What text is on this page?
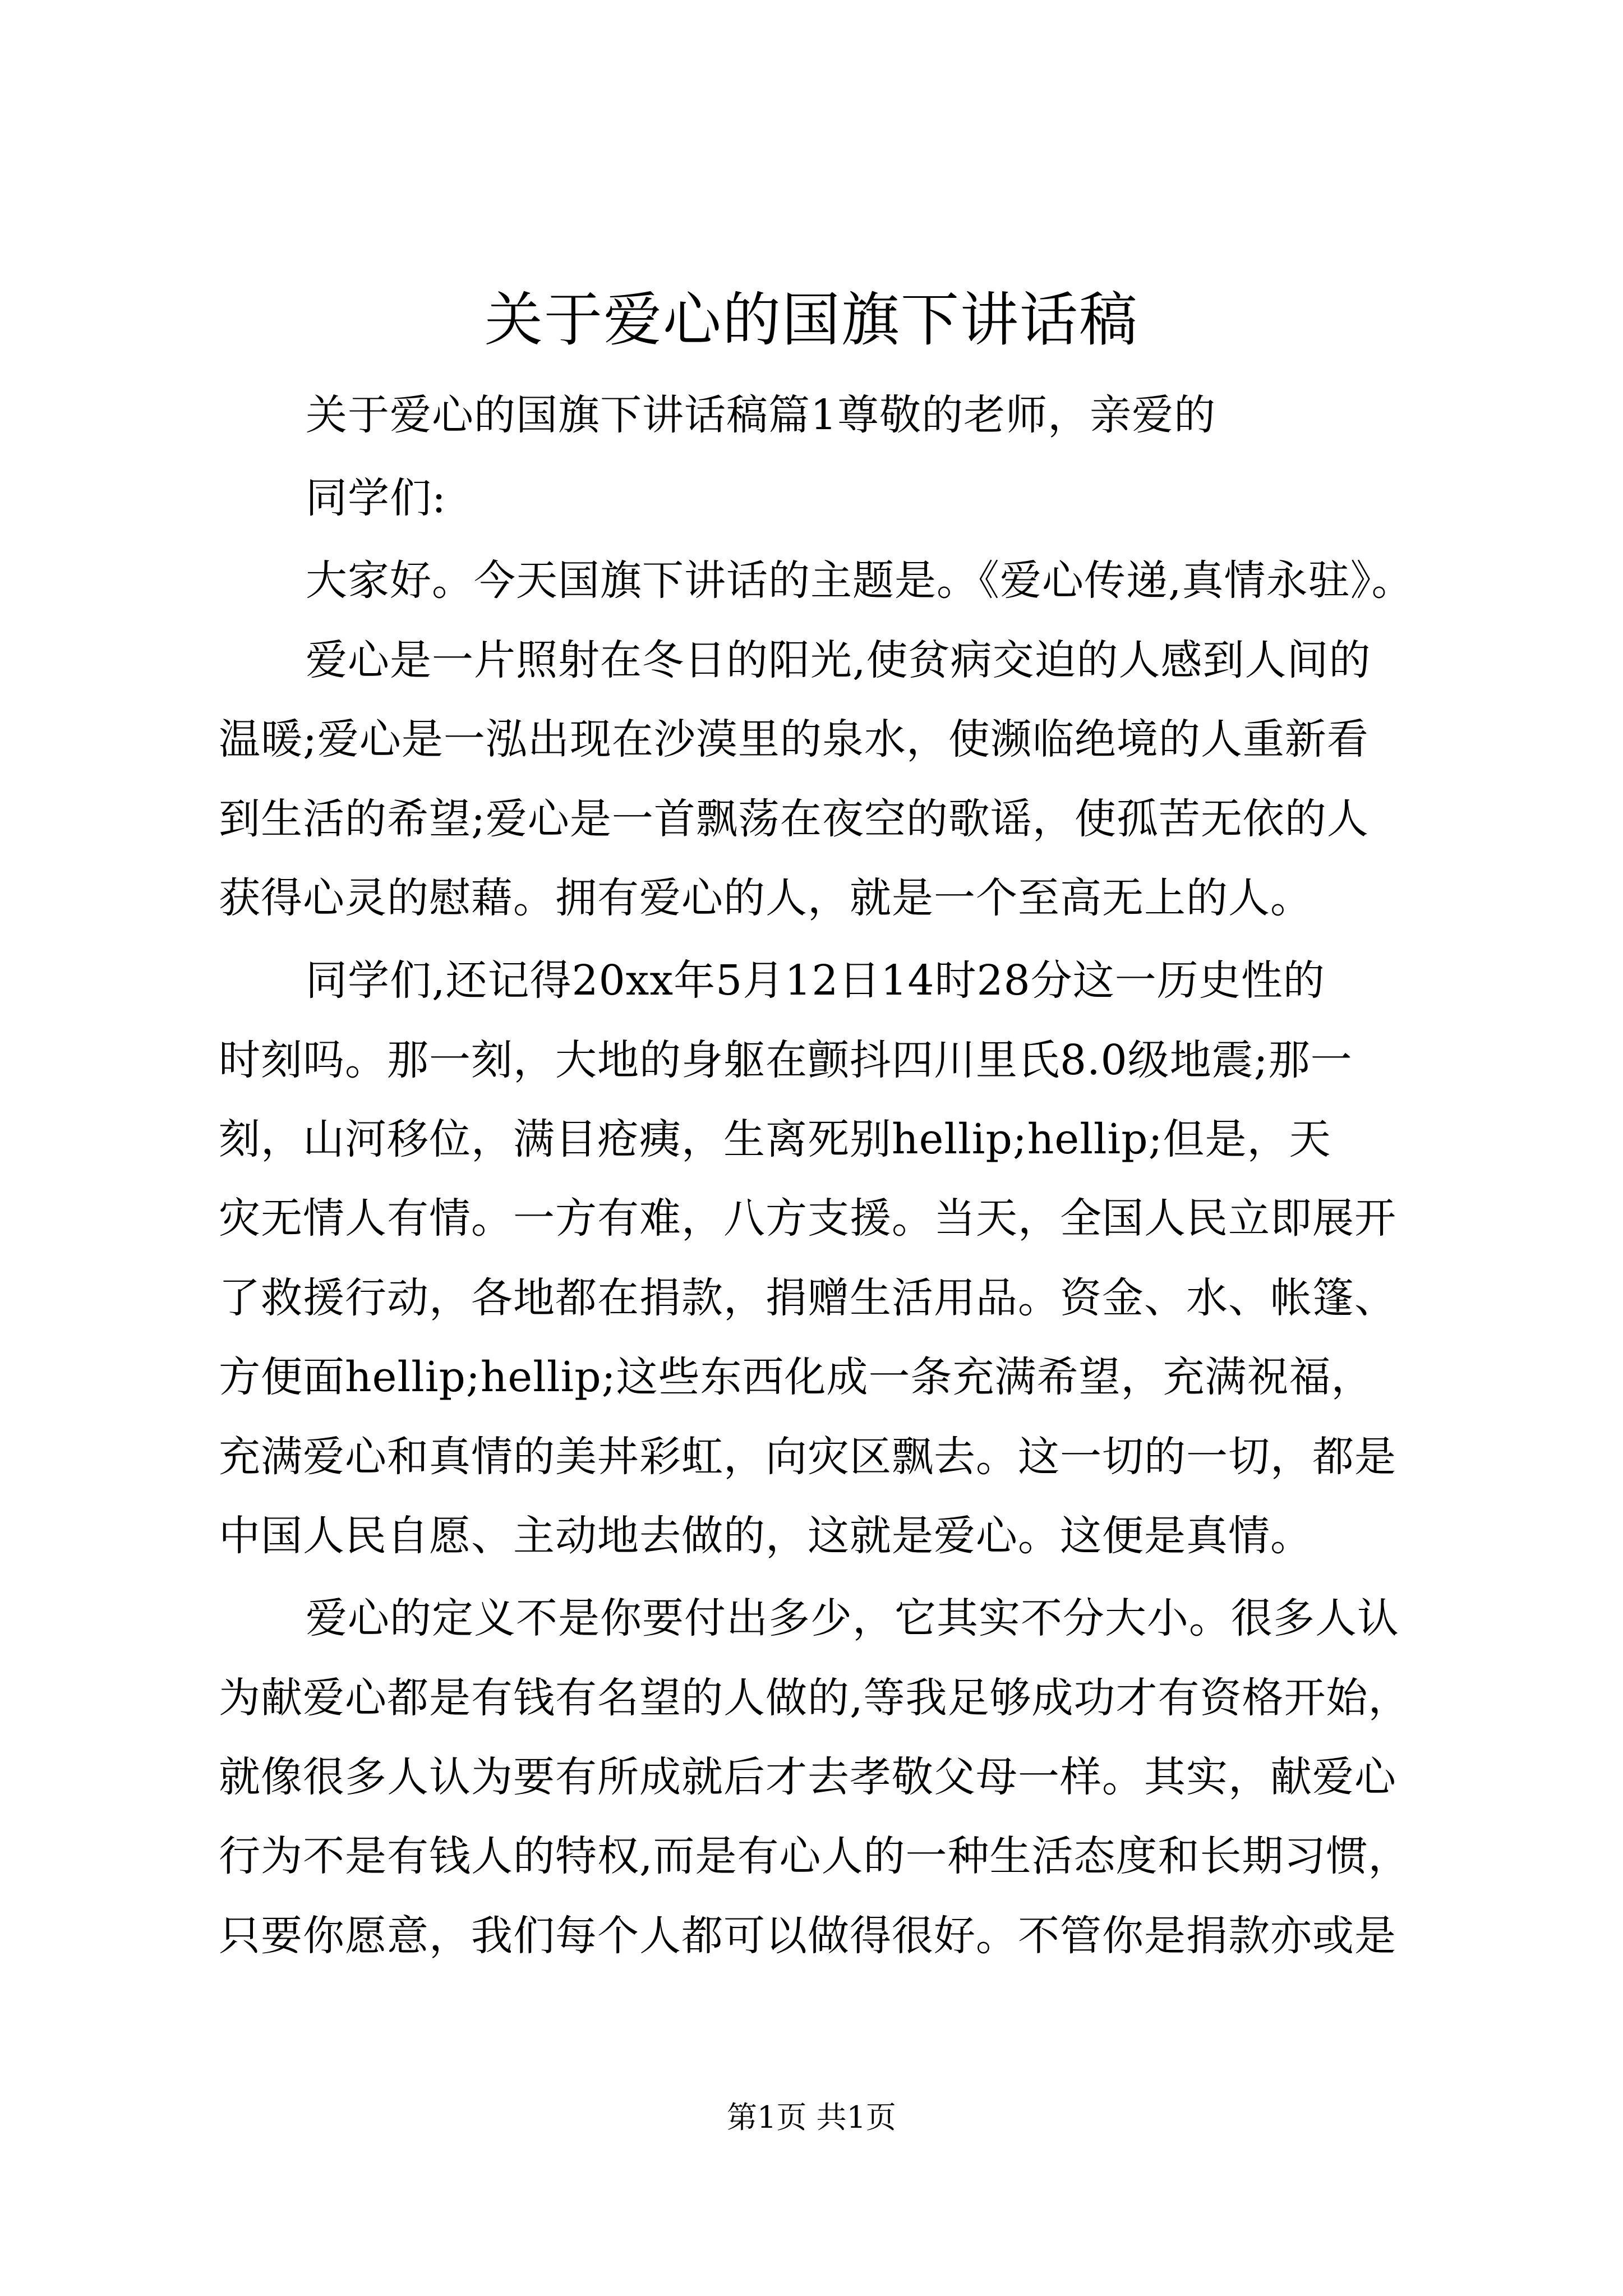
关于爱心的国旗下讲话稿
关于爱心的国旗下讲话稿篇1尊敬的老师，亲爱的
同学们:
大家好。今天国旗下讲话的主题是。《爱心传递,真情永驻》。
爱心是一片照射在冬日的阳光,使贫病交迫的人感到人间的
温暖;爱心是一泓出现在沙漠里的泉水，使濒临绝境的人重新看
到生活的希望;爱心是一首飘荡在夜空的歌谣，使孤苦无依的人
获得心灵的慰藉。拥有爱心的人，就是一个至高无上的人。
同学们,还记得20xx年5月12日14时28分这一历史性的
时刻吗。那一刻，大地的身躯在颤抖四川里氏8.0级地震;那一
刻，山河移位，满目疮痍，生离死别hellip;hellip;但是，天
灾无情人有情。一方有难，八方支援。当天，全国人民立即展开
了救援行动，各地都在捐款，捐赠生活用品。资金、水、帐篷、
方便面hellip;hellip;这些东西化成一条充满希望，充满祝福，
充满爱心和真情的美丼彩虹，向灾区飘去。这一切的一切，都是
中国人民自愿、主动地去做的，这就是爱心。这便是真情。
爱心的定义不是你要付出多少，它其实不分大小。很多人认
为献爱心都是有钱有名望的人做的,等我足够成功才有资格开始，
就像很多人认为要有所成就后才去孝敬父母一样。其实，献爱心
行为不是有钱人的特权,而是有心人的一种生活态度和长期习惯，
只要你愿意，我们每个人都可以做得很好。不管你是捐款亦或是
第1页 共1页
